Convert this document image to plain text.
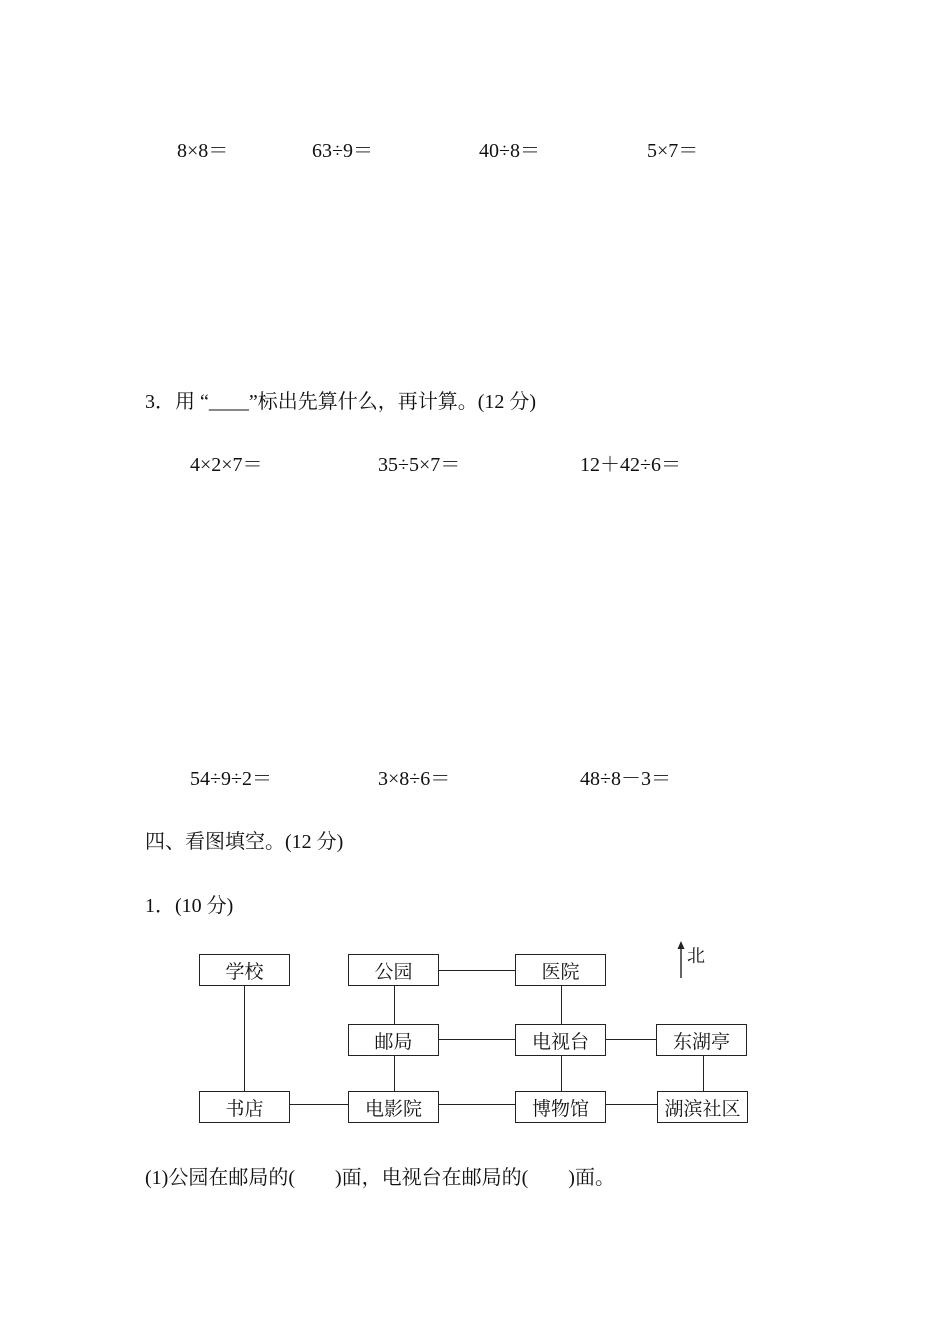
8×8＝	63÷9＝	40÷8＝	5×7＝
3．用 “____”标出先算什么，再计算。(12 分)
4×2×7＝	35÷5×7＝	12＋42÷6＝
54÷9÷2＝	3×8÷6＝	48÷8－3＝
四、看图填空。(12 分)
1．(10 分)
学校	公园	医院
邮局	电视台	东湖亭
书店	电影院	博物馆	湖滨社区
北
(1)公园在邮局的(　　)面，电视台在邮局的(　　)面。
